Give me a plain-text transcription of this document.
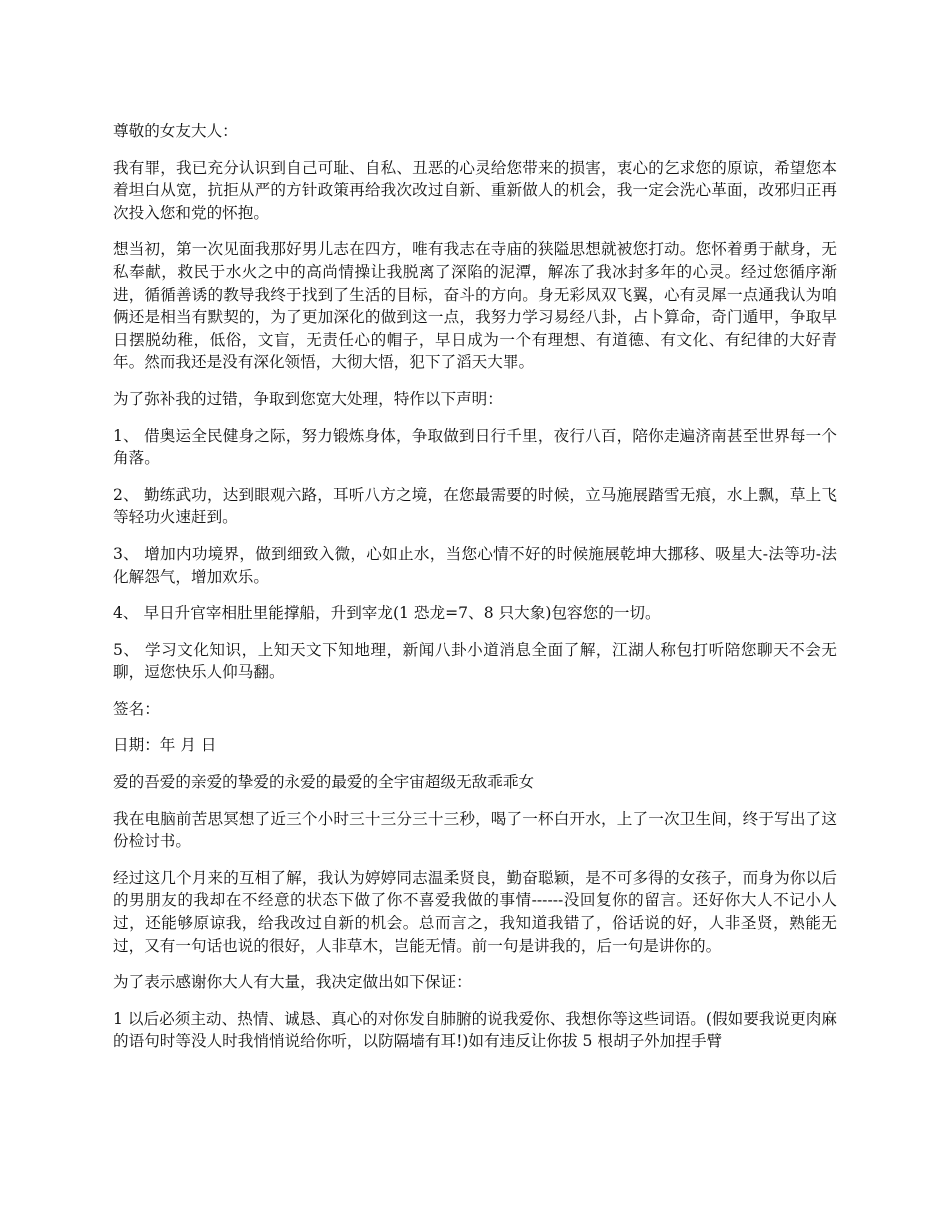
尊敬的女友大人：

我有罪，我已充分认识到自己可耻、自私、丑恶的心灵给您带来的损害，衷心的乞求您的原谅，希望您本着坦白从宽，抗拒从严的方针政策再给我次改过自新、重新做人的机会，我一定会洗心革面，改邪归正再次投入您和党的怀抱。

想当初，第一次见面我那好男儿志在四方，唯有我志在寺庙的狭隘思想就被您打动。您怀着勇于献身，无私奉献，救民于水火之中的高尚情操让我脱离了深陷的泥潭，解冻了我冰封多年的心灵。经过您循序渐进，循循善诱的教导我终于找到了生活的目标，奋斗的方向。身无彩凤双飞翼，心有灵犀一点通我认为咱俩还是相当有默契的，为了更加深化的做到这一点，我努力学习易经八卦，占卜算命，奇门遁甲，争取早日摆脱幼稚，低俗，文盲，无责任心的帽子，早日成为一个有理想、有道德、有文化、有纪律的大好青年。然而我还是没有深化领悟，大彻大悟，犯下了滔天大罪。

为了弥补我的过错，争取到您宽大处理，特作以下声明：

1、 借奥运全民健身之际，努力锻炼身体，争取做到日行千里，夜行八百，陪你走遍济南甚至世界每一个角落。

2、 勤练武功，达到眼观六路，耳听八方之境，在您最需要的时候，立马施展踏雪无痕，水上飘，草上飞等轻功火速赶到。

3、 增加内功境界，做到细致入微，心如止水，当您心情不好的时候施展乾坤大挪移、吸星大-法等功-法化解怨气，增加欢乐。

4、 早日升官宰相肚里能撑船，升到宰龙(1 恐龙=7、8 只大象)包容您的一切。

5、 学习文化知识，上知天文下知地理，新闻八卦小道消息全面了解，江湖人称包打听陪您聊天不会无聊，逗您快乐人仰马翻。

签名：

日期：年 月 日

爱的吾爱的亲爱的挚爱的永爱的最爱的全宇宙超级无敌乖乖女

我在电脑前苦思冥想了近三个小时三十三分三十三秒，喝了一杯白开水，上了一次卫生间，终于写出了这份检讨书。

经过这几个月来的互相了解，我认为婷婷同志温柔贤良，勤奋聪颖，是不可多得的女孩子，而身为你以后的男朋友的我却在不经意的状态下做了你不喜爱我做的事情------没回复你的留言。还好你大人不记小人过，还能够原谅我，给我改过自新的机会。总而言之，我知道我错了，俗话说的好，人非圣贤，熟能无过，又有一句话也说的很好，人非草木，岂能无情。前一句是讲我的，后一句是讲你的。

为了表示感谢你大人有大量，我决定做出如下保证：

1 以后必须主动、热情、诚恳、真心的对你发自肺腑的说我爱你、我想你等这些词语。(假如要我说更肉麻的语句时等没人时我悄悄说给你听，以防隔墙有耳!)如有违反让你拔 5 根胡子外加捏手臂
